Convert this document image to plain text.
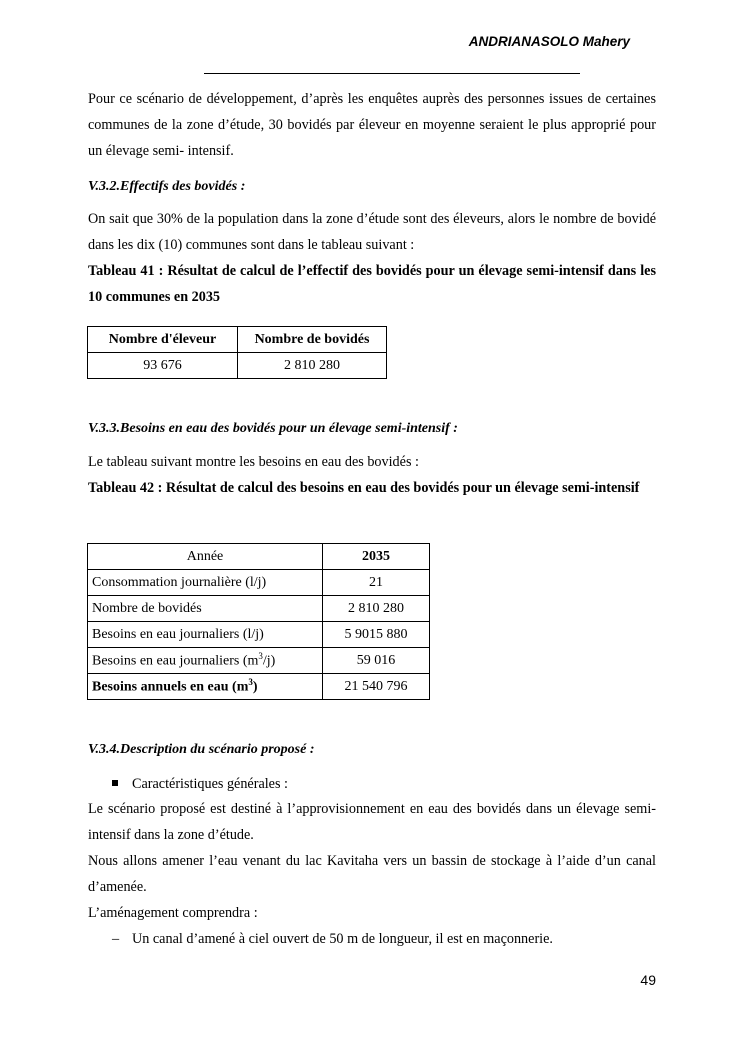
ANDRIANASOLO Mahery
Pour ce scénario de développement, d’après les enquêtes auprès des personnes issues de certaines communes de la zone d’étude, 30 bovidés par éleveur en moyenne seraient le plus approprié pour un élevage semi- intensif.
V.3.2.Effectifs des bovidés :
On sait que 30% de la population dans la zone d’étude sont des éleveurs, alors le nombre de bovidé dans les dix (10) communes sont dans le tableau suivant :
Tableau 41 : Résultat de calcul de l’effectif des bovidés pour un élevage semi-intensif dans les 10 communes en 2035
Nombre d'éleveur	Nombre de bovidés
93 676	2 810 280
V.3.3.Besoins en eau des bovidés pour un élevage semi-intensif :
Le tableau suivant montre les besoins en eau des bovidés :
Tableau 42 : Résultat de calcul des besoins en eau des bovidés pour un élevage semi-intensif
Année	2035
Consommation journalière (l/j)	21
Nombre de bovidés	2 810 280
Besoins en eau journaliers (l/j)	5 9015 880
Besoins en eau journaliers $(m^3/j)$	59 016
Besoins annuels en eau $(m^3)$	21 540 796
V.3.4.Description du scénario proposé :
Caractéristiques générales :
Le scénario proposé est destiné à l’approvisionnement en eau des bovidés dans un élevage semi-intensif dans la zone d’étude.
Nous allons amener l’eau venant du lac Kavitaha vers un bassin de stockage à l’aide d’un canal d’amenée.
L’aménagement comprendra :
– Un canal d’amené à ciel ouvert de 50 m de longueur, il est en maçonnerie.
49
